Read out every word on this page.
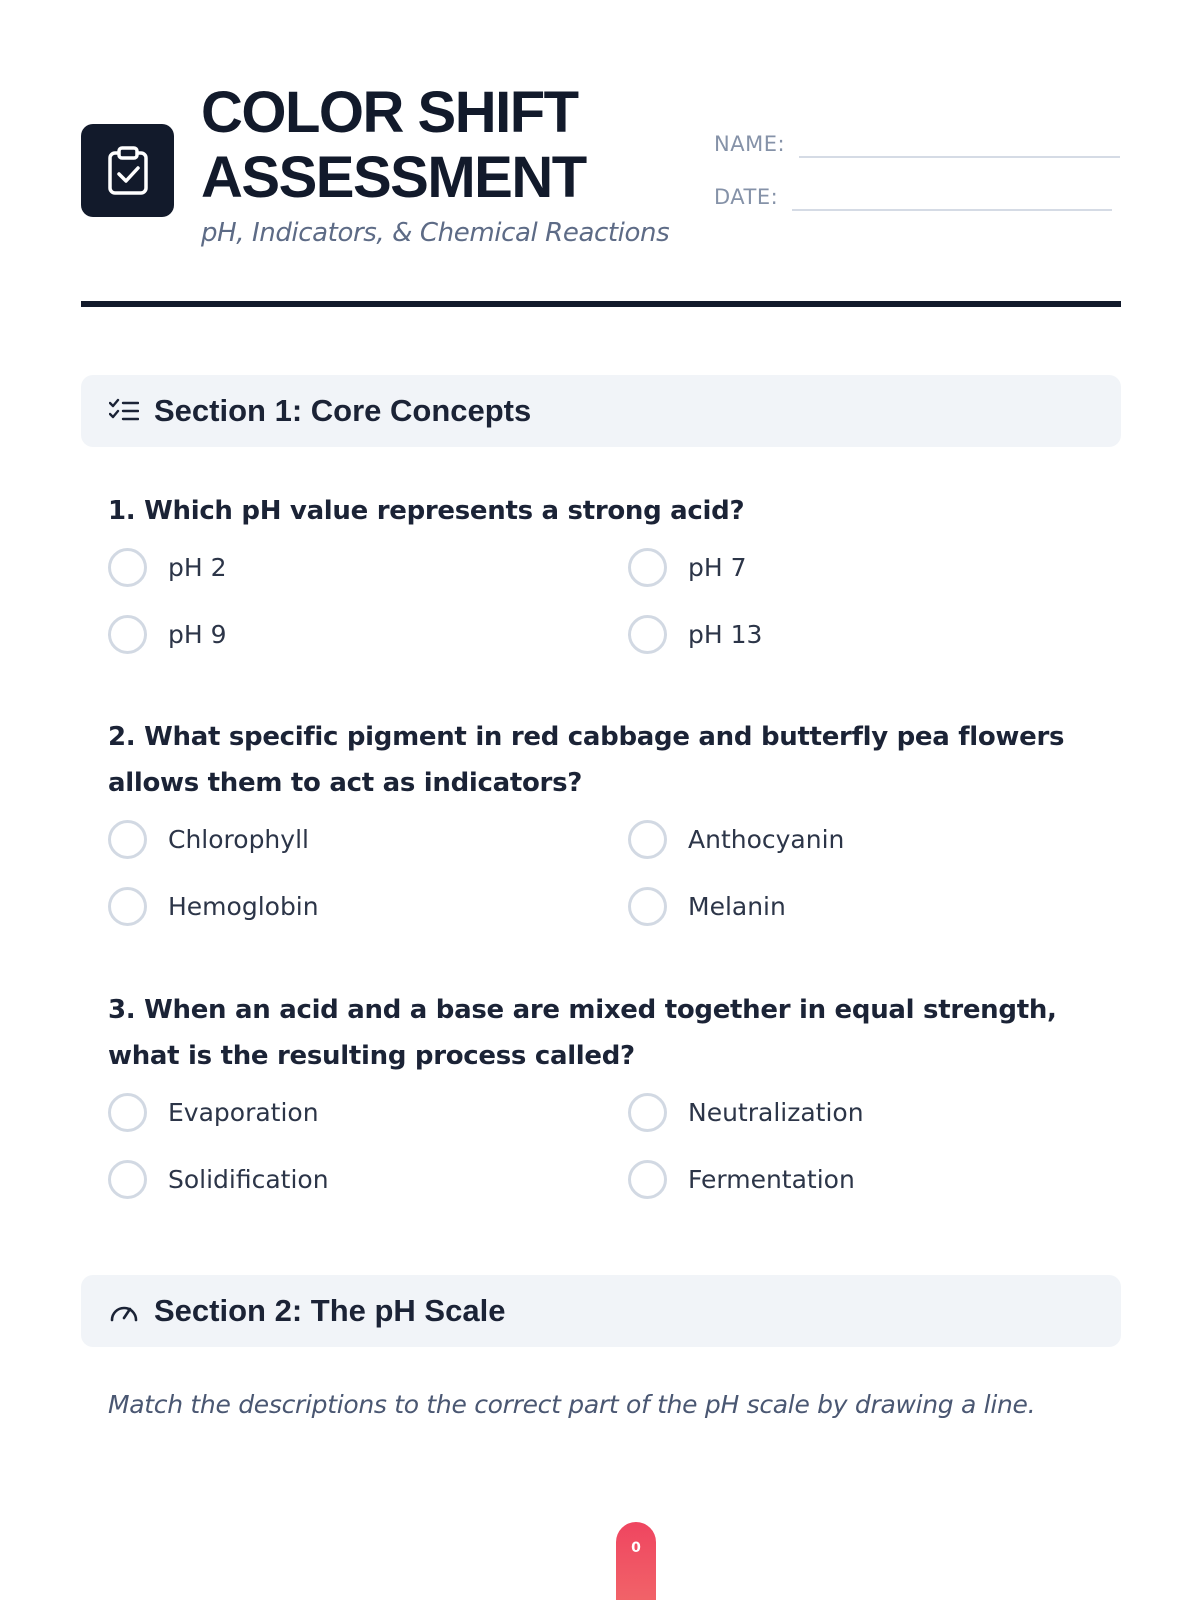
COLOR SHIFT
ASSESSMENT
pH, Indicators, & Chemical Reactions
NAME:
DATE:
Section 1: Core Concepts
1. Which pH value represents a strong acid?
pH 2	pH 7
pH 9	pH 13
2. What specific pigment in red cabbage and butterfly pea flowers allows them to act as indicators?
Chlorophyll	Anthocyanin
Hemoglobin	Melanin
3. When an acid and a base are mixed together in equal strength, what is the resulting process called?
Evaporation	Neutralization
Solidification	Fermentation
Section 2: The pH Scale
Match the descriptions to the correct part of the pH scale by drawing a line.
0
